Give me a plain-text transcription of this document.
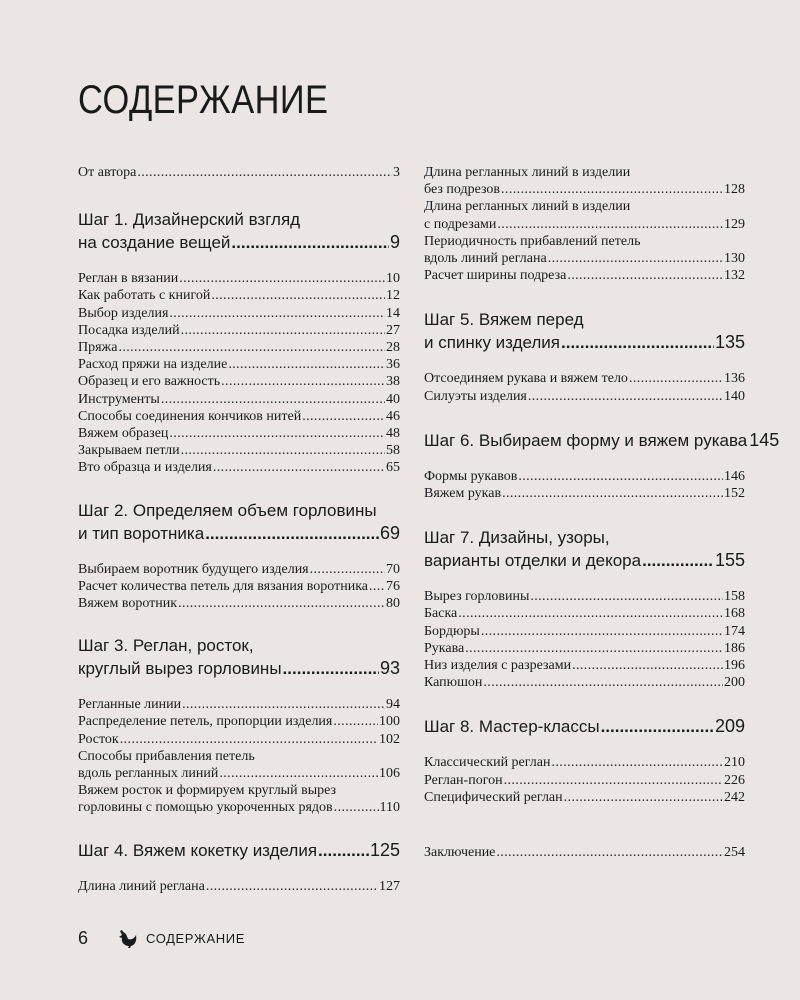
СОДЕРЖАНИЕ
От автора .....	3
Шаг 1. Дизайнерский взгляд
на создание вещей .....	9
Реглан в вязании .....	10
Как работать с книгой .....	12
Выбор изделия .....	14
Посадка изделий .....	27
Пряжа .....	28
Расход пряжи на изделие .....	36
Образец и его важность .....	38
Инструменты .....	40
Способы соединения кончиков нитей .....	46
Вяжем образец .....	48
Закрываем петли .....	58
Вто образца и изделия .....	65
Шаг 2. Определяем объем горловины
и тип воротника .....	69
Выбираем воротник будущего изделия .....	70
Расчет количества петель для вязания воротника ..... 76
Вяжем воротник .....	80
Шаг 3. Реглан, росток,
круглый вырез горловины .....	93
Регланные линии .....	94
Распределение петель, пропорции изделия .....	100
Росток .....	102
Способы прибавления петель
вдоль регланных линий .....	106
Вяжем росток и формируем круглый вырез
горловины с помощью укороченных рядов .....	110
Шаг 4. Вяжем кокетку изделия .....	125
Длина линий реглана .....	127
Длина регланных линий в изделии
без подрезов .....	128
Длина регланных линий в изделии
с подрезами .....	129
Периодичность прибавлений петель
вдоль линий реглана .....	130
Расчет ширины подреза .....	132
Шаг 5. Вяжем перед
и спинку изделия .....	135
Отсоединяем рукава и вяжем тело .....	136
Силуэты изделия .....	140
Шаг 6. Выбираем форму и вяжем рукава 145
Формы рукавов .....	146
Вяжем рукав .....	152
Шаг 7. Дизайны, узоры,
варианты отделки и декора .....	155
Вырез горловины .....	158
Баска .....	168
Бордюры .....	174
Рукава .....	186
Низ изделия с разрезами .....	196
Капюшон .....	200
Шаг 8. Мастер-классы .....	209
Классический реглан .....	210
Реглан-погон .....	226
Специфический реглан .....	242
Заключение .....	254
6	СОДЕРЖАНИЕ
